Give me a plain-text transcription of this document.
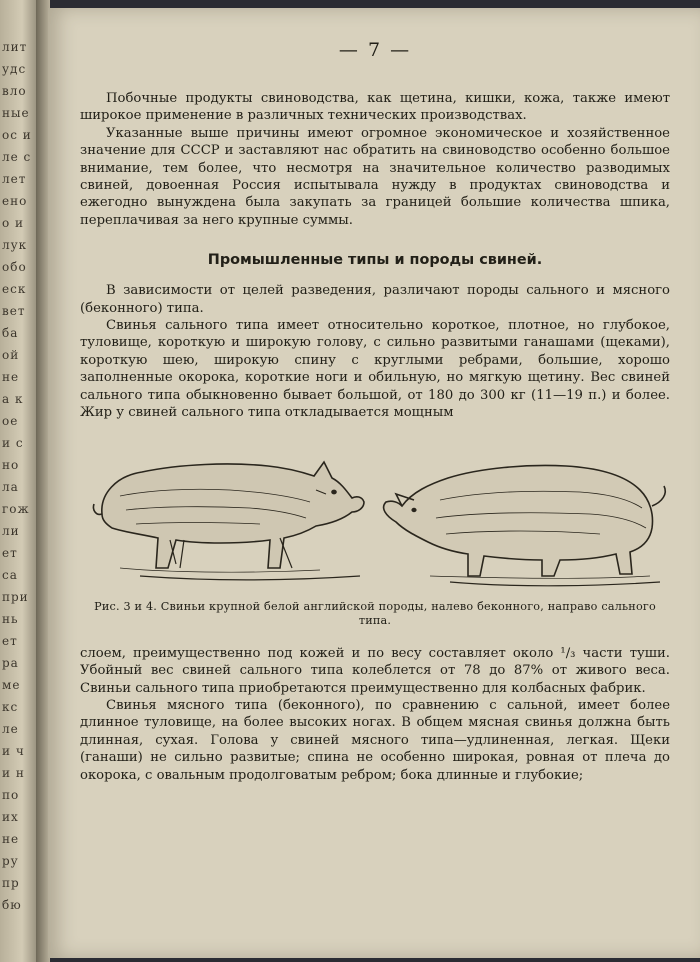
лит
удс
вло
ные
ос и
ле с
лет
ено
о и
лук
обо
еск
вет
ба
ой
не
а к
ое
и с
но
ла
гож
ли
ет
са
при
нь
ет
ра
ме
кс
ле
и ч
и н
по
их
не
ру
пр
бю
— 7 —

Побочные продукты свиноводства, как щетина, кишки, кожа, также имеют широкое применение в различных технических производствах.

Указанные выше причины имеют огромное экономическое и хозяйственное значение для СССР и заставляют нас обратить на свиноводство особенно большое внимание, тем более, что несмотря на значительное количество разводимых свиней, довоенная Россия испытывала нужду в продуктах свиноводства и ежегодно вынуждена была закупать за границей большие количества шпика, переплачивая за него крупные суммы.

Промышленные типы и породы свиней.

В зависимости от целей разведения, различают породы сального и мясного (беконного) типа.

Свинья сального типа имеет относительно короткое, плотное, но глубокое, туловище, короткую и широкую голову, с сильно развитыми ганашами (щеками), короткую шею, широкую спину с круглыми ребрами, большие, хорошо заполненные окорока, короткие ноги и обильную, но мягкую щетину. Вес свиней сального типа обыкновенно бывает большой, от 180 до 300 кг (11—19 п.) и более. Жир у свиней сального типа откладывается мощным

Рис. 3 и 4. Свиньи крупной белой английской породы, налево беконного, направо сального типа.

слоем, преимущественно под кожей и по весу составляет около ¹/₃ части туши. Убойный вес свиней сального типа колеблется от 78 до 87% от живого веса. Свиньи сального типа приобретаются преимущественно для колбасных фабрик.

Свинья мясного типа (беконного), по сравнению с сальной, имеет более длинное туловище, на более высоких ногах. В общем мясная свинья должна быть длинная, сухая. Голова у свиней мясного типа—удлиненная, легкая. Щеки (ганаши) не сильно развитые; спина не особенно широкая, ровная от плеча до окорока, с овальным продолговатым ребром; бока длинные и глубокие;
